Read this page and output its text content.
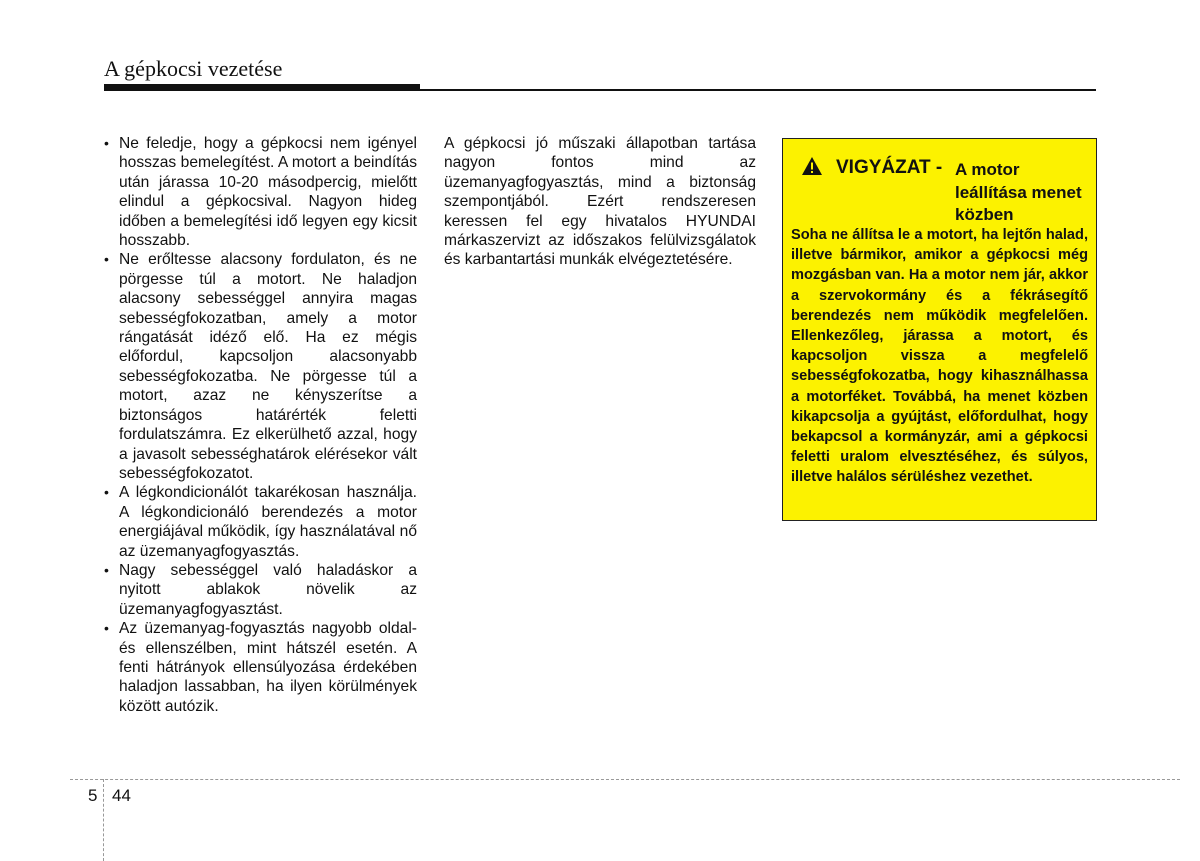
A gépkocsi vezetése
• Ne feledje, hogy a gépkocsi nem igényel hosszas bemelegítést. A motort a beindítás után járassa 10-20 másodpercig, mielőtt elindul a gépkocsival. Nagyon hideg időben a bemelegítési idő legyen egy kicsit hosszabb.
• Ne erőltesse alacsony fordulaton, és ne pörgesse túl a motort. Ne haladjon alacsony sebességgel annyira magas sebességfokozatban, amely a motor rángatását idéző elő. Ha ez mégis előfordul, kapcsoljon alacsonyabb sebességfokozatba. Ne pörgesse túl a motort, azaz ne kényszerítse a biztonságos határérték feletti fordulatszámra. Ez elkerülhető azzal, hogy a javasolt sebességhatárok elérésekor vált sebességfokozatot.
• A légkondicionálót takarékosan használja. A légkondicionáló berendezés a motor energiájával működik, így használatával nő az üzemanyagfogyasztás.
• Nagy sebességgel való haladáskor a nyitott ablakok növelik az üzemanyagfogyasztást.
• Az üzemanyag-fogyasztás nagyobb oldal- és ellenszélben, mint hátszél esetén. A fenti hátrányok ellensúlyozása érdekében haladjon lassabban, ha ilyen körülmények között autózik.

A gépkocsi jó műszaki állapotban tartása nagyon fontos mind az üzemanyagfogyasztás, mind a biztonság szempontjából. Ezért rendszeresen keressen fel egy hivatalos HYUNDAI márkaszervizt az időszakos felülvizsgálatok és karbantartási munkák elvégeztetésére.

VIGYÁZAT - A motor leállítása menet közben
Soha ne állítsa le a motort, ha lejtőn halad, illetve bármikor, amikor a gépkocsi még mozgásban van. Ha a motor nem jár, akkor a szervokormány és a fékrásegítő berendezés nem működik megfelelően. Ellenkezőleg, járassa a motort, és kapcsoljon vissza a megfelelő sebességfokozatba, hogy kihasználhassa a motorféket. Továbbá, ha menet közben kikapcsolja a gyújtást, előfordulhat, hogy bekapcsol a kormányzár, ami a gépkocsi feletti uralom elvesztéséhez, és súlyos, illetve halálos sérüléshez vezethet.
5 44
